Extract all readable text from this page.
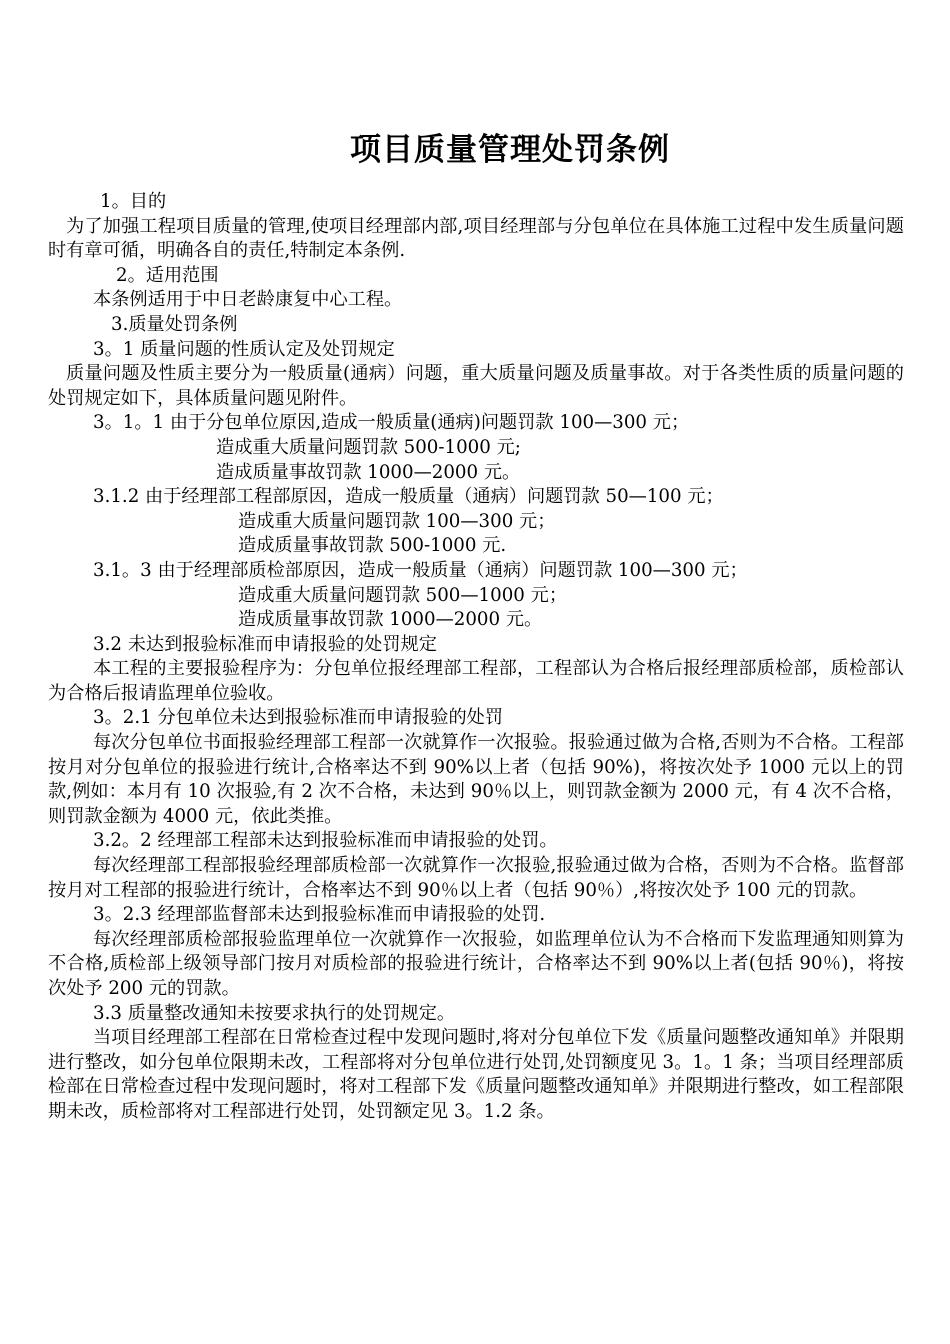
项目质量管理处罚条例

1。目的

为了加强工程项目质量的管理,使项目经理部内部,项目经理部与分包单位在具体施工过程中发生质量问题时有章可循，明确各自的责任,特制定本条例.

2。适用范围

本条例适用于中日老龄康复中心工程。

3.质量处罚条例

3。1 质量问题的性质认定及处罚规定

质量问题及性质主要分为一般质量(通病）问题，重大质量问题及质量事故。对于各类性质的质量问题的处罚规定如下，具体质量问题见附件。

3。1。1 由于分包单位原因,造成一般质量(通病)问题罚款 100—300 元；

造成重大质量问题罚款 500-1000 元;

造成质量事故罚款 1000—2000 元。

3.1.2 由于经理部工程部原因，造成一般质量（通病）问题罚款 50—100 元；

造成重大质量问题罚款 100—300 元；

造成质量事故罚款 500-1000 元.

3.1。3 由于经理部质检部原因，造成一般质量（通病）问题罚款 100—300 元；

造成重大质量问题罚款 500—1000 元；

造成质量事故罚款 1000—2000 元。

3.2 未达到报验标准而申请报验的处罚规定

本工程的主要报验程序为：分包单位报经理部工程部，工程部认为合格后报经理部质检部，质检部认为合格后报请监理单位验收。

3。2.1 分包单位未达到报验标准而申请报验的处罚

每次分包单位书面报验经理部工程部一次就算作一次报验。报验通过做为合格,否则为不合格。工程部按月对分包单位的报验进行统计,合格率达不到 90%以上者（包括 90%)，将按次处予 1000 元以上的罚款,例如：本月有 10 次报验,有 2 次不合格，未达到 90％以上，则罚款金额为 2000 元，有 4 次不合格，则罚款金额为 4000 元，依此类推。

3.2。2 经理部工程部未达到报验标准而申请报验的处罚。

每次经理部工程部报验经理部质检部一次就算作一次报验,报验通过做为合格，否则为不合格。监督部按月对工程部的报验进行统计，合格率达不到 90％以上者（包括 90％）,将按次处予 100 元的罚款。

3。2.3 经理部监督部未达到报验标准而申请报验的处罚.

每次经理部质检部报验监理单位一次就算作一次报验，如监理单位认为不合格而下发监理通知则算为不合格,质检部上级领导部门按月对质检部的报验进行统计，合格率达不到 90%以上者(包括 90％)，将按次处予 200 元的罚款。

3.3 质量整改通知未按要求执行的处罚规定。

当项目经理部工程部在日常检查过程中发现问题时,将对分包单位下发《质量问题整改通知单》并限期进行整改，如分包单位限期未改，工程部将对分包单位进行处罚,处罚额度见 3。1。1 条；当项目经理部质检部在日常检查过程中发现问题时，将对工程部下发《质量问题整改通知单》并限期进行整改，如工程部限期未改，质检部将对工程部进行处罚，处罚额定见 3。1.2 条。
